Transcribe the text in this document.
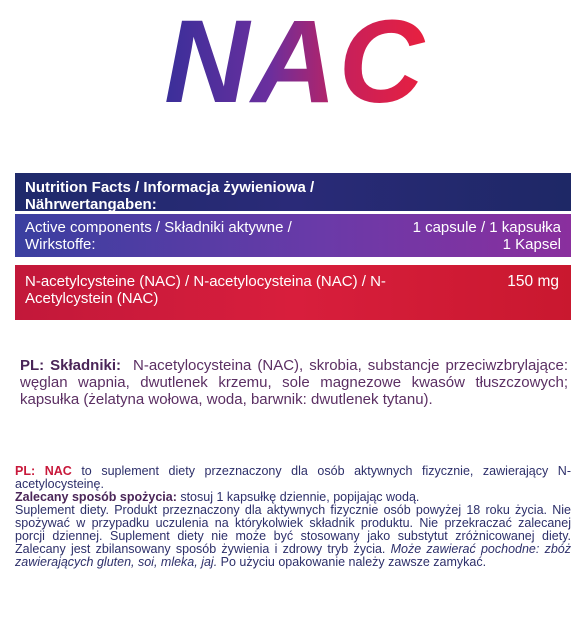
NAC
Nutrition Facts / Informacja żywieniowa / Nährwertangaben:
Active components / Składniki aktywne / Wirkstoffe:
1 capsule / 1 kapsułka
1 Kapsel
N-acetylcysteine (NAC) / N-acetylocysteina (NAC) / N-Acetylcystein (NAC)
150 mg
PL: Składniki: N-acetylocysteina (NAC), skrobia, substancje przeciwzbrylające: węglan wapnia, dwutlenek krzemu, sole magnezowe kwasów tłuszczowych; kapsułka (żelatyna wołowa, woda, barwnik: dwutlenek tytanu).

PL: NAC to suplement diety przeznaczony dla osób aktywnych fizycznie, zawierający N-acetylocysteinę.

Zalecany sposób spożycia: stosuj 1 kapsułkę dziennie, popijając wodą.

Suplement diety. Produkt przeznaczony dla aktywnych fizycznie osób powyżej 18 roku życia. Nie spożywać w przypadku uczulenia na którykolwiek składnik produktu. Nie przekraczać zalecanej porcji dziennej. Suplement diety nie może być stosowany jako substytut zróżnicowanej diety. Zalecany jest zbilansowany sposób żywienia i zdrowy tryb życia. Może zawierać pochodne: zbóż zawierających gluten, soi, mleka, jaj. Po użyciu opakowanie należy zawsze zamykać.
